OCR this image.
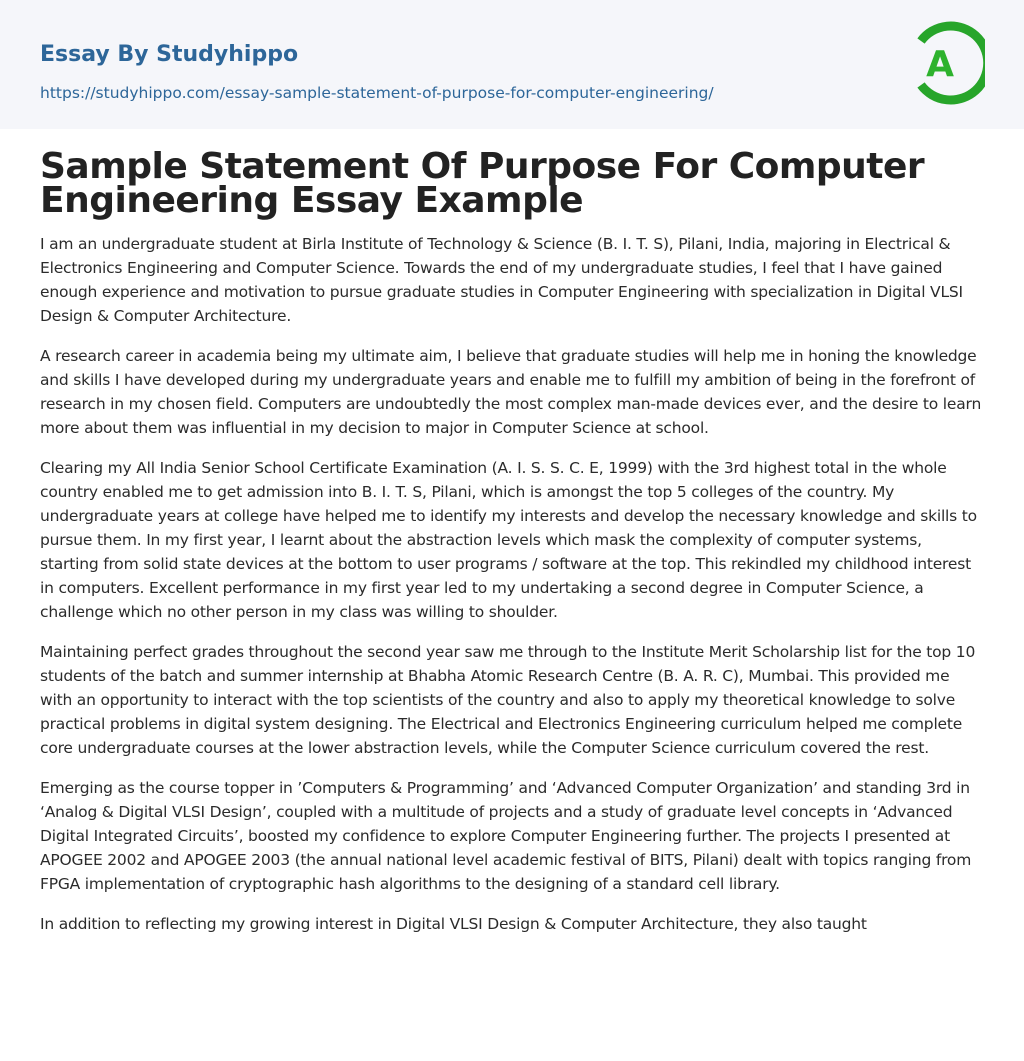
Essay By Studyhippo
https://studyhippo.com/essay-sample-statement-of-purpose-for-computer-engineering/
A
Sample Statement Of Purpose For Computer Engineering Essay Example

I am an undergraduate student at Birla Institute of Technology & Science (B. I. T. S), Pilani, India, majoring in Electrical & Electronics Engineering and Computer Science. Towards the end of my undergraduate studies, I feel that I have gained enough experience and motivation to pursue graduate studies in Computer Engineering with specialization in Digital VLSI Design & Computer Architecture.

A research career in academia being my ultimate aim, I believe that graduate studies will help me in honing the knowledge and skills I have developed during my undergraduate years and enable me to fulfill my ambition of being in the forefront of research in my chosen field. Computers are undoubtedly the most complex man-made devices ever, and the desire to learn more about them was influential in my decision to major in Computer Science at school.

Clearing my All India Senior School Certificate Examination (A. I. S. S. C. E, 1999) with the 3rd highest total in the whole country enabled me to get admission into B. I. T. S, Pilani, which is amongst the top 5 colleges of the country. My undergraduate years at college have helped me to identify my interests and develop the necessary knowledge and skills to pursue them. In my first year, I learnt about the abstraction levels which mask the complexity of computer systems, starting from solid state devices at the bottom to user programs / software at the top. This rekindled my childhood interest in computers. Excellent performance in my first year led to my undertaking a second degree in Computer Science, a challenge which no other person in my class was willing to shoulder.

Maintaining perfect grades throughout the second year saw me through to the Institute Merit Scholarship list for the top 10 students of the batch and summer internship at Bhabha Atomic Research Centre (B. A. R. C), Mumbai. This provided me with an opportunity to interact with the top scientists of the country and also to apply my theoretical knowledge to solve practical problems in digital system designing. The Electrical and Electronics Engineering curriculum helped me complete core undergraduate courses at the lower abstraction levels, while the Computer Science curriculum covered the rest.

Emerging as the course topper in ’Computers & Programming’ and ‘Advanced Computer Organization’ and standing 3rd in ‘Analog & Digital VLSI Design’, coupled with a multitude of projects and a study of graduate level concepts in ‘Advanced Digital Integrated Circuits’, boosted my confidence to explore Computer Engineering further. The projects I presented at APOGEE 2002 and APOGEE 2003 (the annual national level academic festival of BITS, Pilani) dealt with topics ranging from FPGA implementation of cryptographic hash algorithms to the designing of a standard cell library.

In addition to reflecting my growing interest in Digital VLSI Design & Computer Architecture, they also taught
